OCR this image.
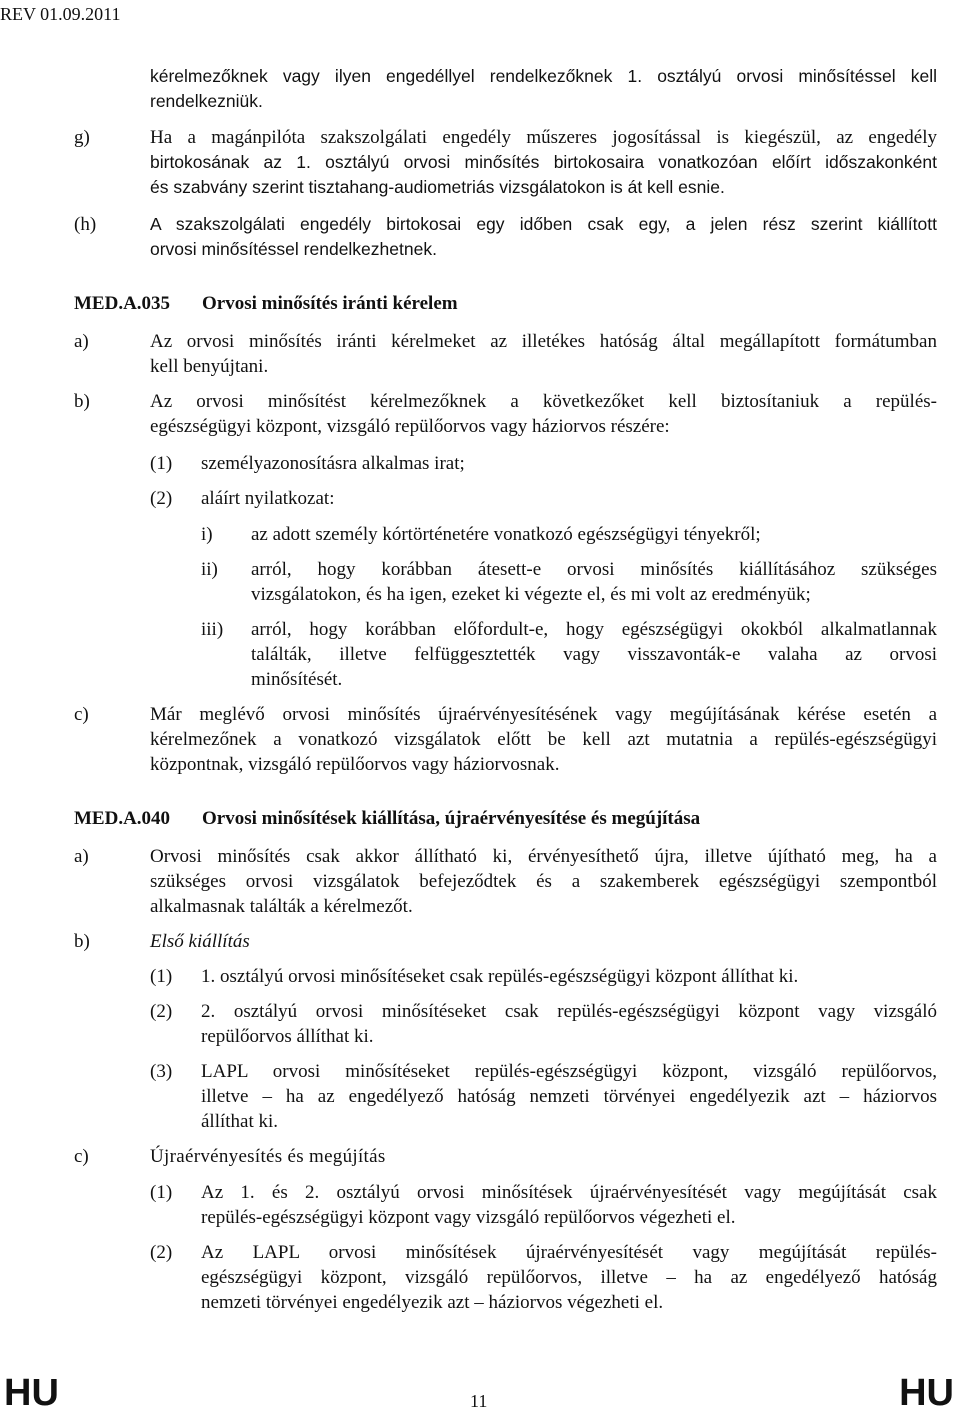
REV 01.09.2011
kérelmezőknek vagy ilyen engedéllyel rendelkezőknek 1. osztályú orvosi minősítéssel kell
rendelkezniük.
g)	Ha a magánpilóta szakszolgálati engedély műszeres jogosítással is kiegészül, az engedély
birtokosának az 1. osztályú orvosi minősítés birtokosaira vonatkozóan előírt időszakonként
és szabvány szerint tisztahang-audiometriás vizsgálatokon is át kell esnie.
(h)	A szakszolgálati engedély birtokosai egy időben csak egy, a jelen rész szerint kiállított
orvosi minősítéssel rendelkezhetnek.
MED.A.035 Orvosi minősítés iránti kérelem
a)	Az orvosi minősítés iránti kérelmeket az illetékes hatóság által megállapított formátumban
kell benyújtani.
b)	Az orvosi minősítést kérelmezőknek a következőket kell biztosítaniuk a repülés-
egészségügyi központ, vizsgáló repülőorvos vagy háziorvos részére:
(1) személyazonosításra alkalmas irat;
(2) aláírt nyilatkozat:
i) az adott személy kórtörténetére vonatkozó egészségügyi tényekről;
ii) arról, hogy korábban átesett-e orvosi minősítés kiállításához szükséges
vizsgálatokon, és ha igen, ezeket ki végezte el, és mi volt az eredményük;
iii) arról, hogy korábban előfordult-e, hogy egészségügyi okokból alkalmatlannak
találták, illetve felfüggesztették vagy visszavonták-e valaha az orvosi
minősítését.
c)	Már meglévő orvosi minősítés újraérvényesítésének vagy megújításának kérése esetén a
kérelmezőnek a vonatkozó vizsgálatok előtt be kell azt mutatnia a repülés-egészségügyi
központnak, vizsgáló repülőorvos vagy háziorvosnak.
MED.A.040 Orvosi minősítések kiállítása, újraérvényesítése és megújítása
a)	Orvosi minősítés csak akkor állítható ki, érvényesíthető újra, illetve újítható meg, ha a
szükséges orvosi vizsgálatok befejeződtek és a szakemberek egészségügyi szempontból
alkalmasnak találták a kérelmezőt.
b)	Első kiállítás
(1) 1. osztályú orvosi minősítéseket csak repülés-egészségügyi központ állíthat ki.
(2) 2. osztályú orvosi minősítéseket csak repülés-egészségügyi központ vagy vizsgáló
repülőorvos állíthat ki.
(3) LAPL orvosi minősítéseket repülés-egészségügyi központ, vizsgáló repülőorvos,
illetve – ha az engedélyező hatóság nemzeti törvényei engedélyezik azt – háziorvos
állíthat ki.
c)	Újraérvényesítés és megújítás
(1) Az 1. és 2. osztályú orvosi minősítések újraérvényesítését vagy megújítását csak
repülés-egészségügyi központ vagy vizsgáló repülőorvos végezheti el.
(2) Az LAPL orvosi minősítések újraérvényesítését vagy megújítását repülés-
egészségügyi központ, vizsgáló repülőorvos, illetve – ha az engedélyező hatóság
nemzeti törvényei engedélyezik azt – háziorvos végezheti el.
HU	11	HU
